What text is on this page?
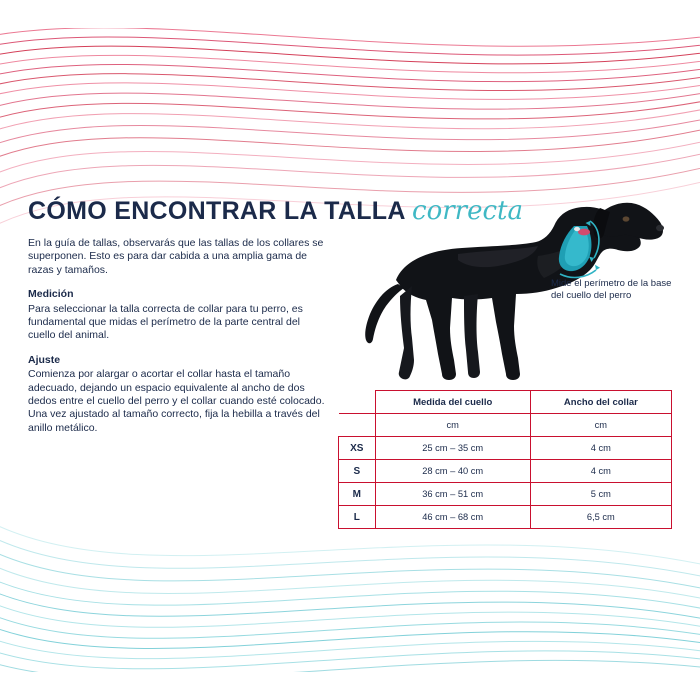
CÓMO ENCONTRAR LA TALLA correcta

En la guía de tallas, observarás que las tallas de los collares se superponen. Esto es para dar cabida a una amplia gama de razas y tamaños.

Medición

Para seleccionar la talla correcta de collar para tu perro, es fundamental que midas el perímetro de la parte central del cuello del animal.

Ajuste

Comienza por alargar o acortar el collar hasta el tamaño adecuado, dejando un espacio equivalente al ancho de dos dedos entre el cuello del perro y el collar cuando esté colocado. Una vez ajustado al tamaño correcto, fija la hebilla a través del anillo metálico.

Mide el perímetro de la base del cuello del perro
	Medida del cuello	Ancho del collar
	cm	cm
XS	25 cm – 35 cm	4 cm
S	28 cm – 40 cm	4 cm
M	36 cm – 51 cm	5 cm
L	46 cm – 68 cm	6,5 cm
